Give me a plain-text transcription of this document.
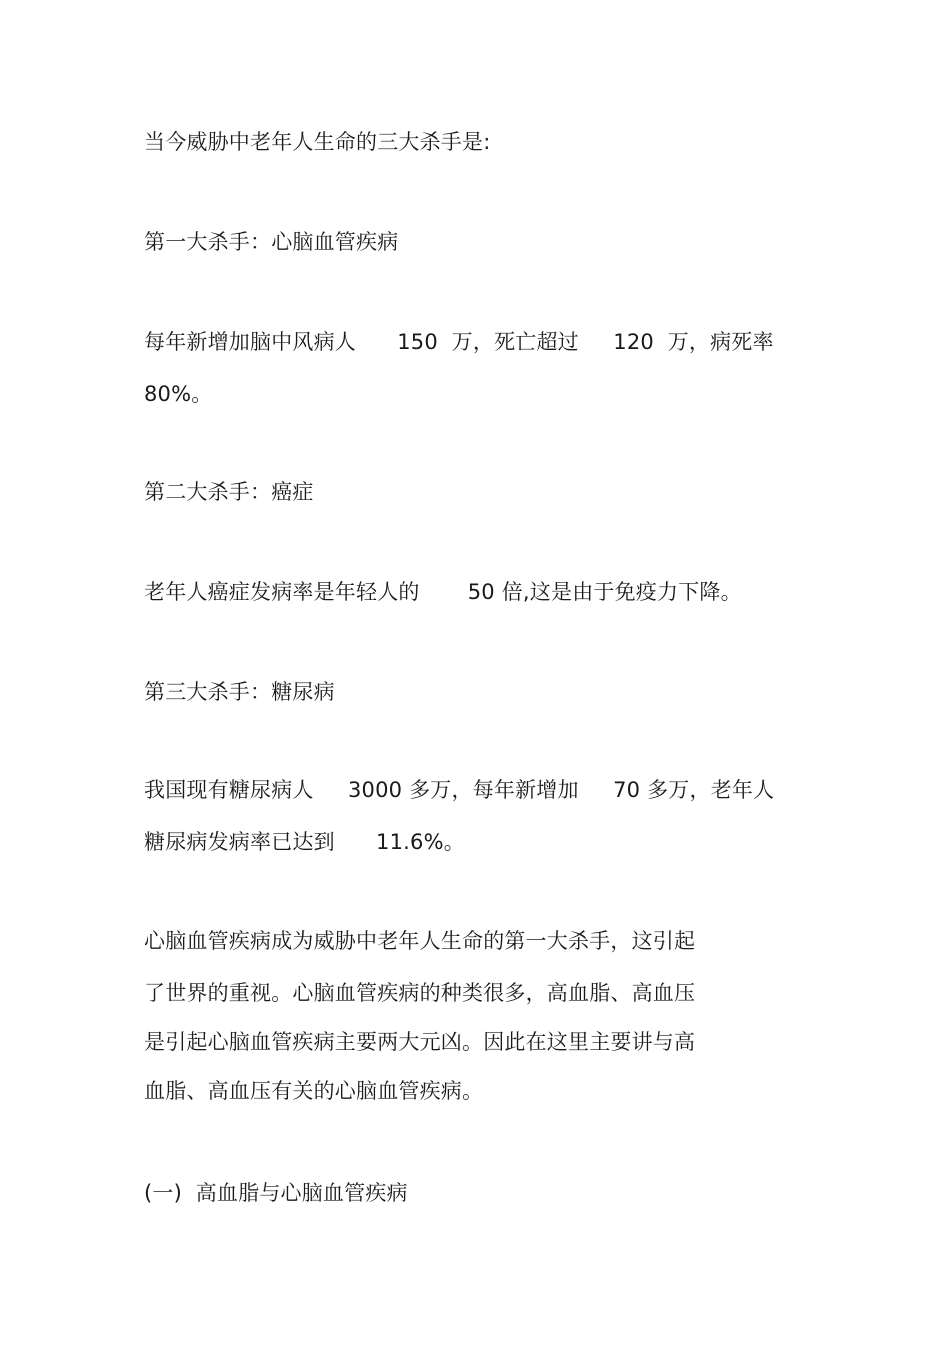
当今威胁中老年人生命的三大杀手是:
第一大杀手：心脑血管疾病
每年新增加脑中风病人      150  万，死亡超过     120  万，病死率
80%。
第二大杀手：癌症
老年人癌症发病率是年轻人的       50 倍,这是由于免疫力下降。
第三大杀手：糖尿病
我国现有糖尿病人     3000 多万，每年新增加     70 多万，老年人
糖尿病发病率已达到      11.6%。
心脑血管疾病成为威胁中老年人生命的第一大杀手，这引起
了世界的重视。心脑血管疾病的种类很多，高血脂、高血压
是引起心脑血管疾病主要两大元凶。因此在这里主要讲与高
血脂、高血压有关的心脑血管疾病。
(一)  高血脂与心脑血管疾病
